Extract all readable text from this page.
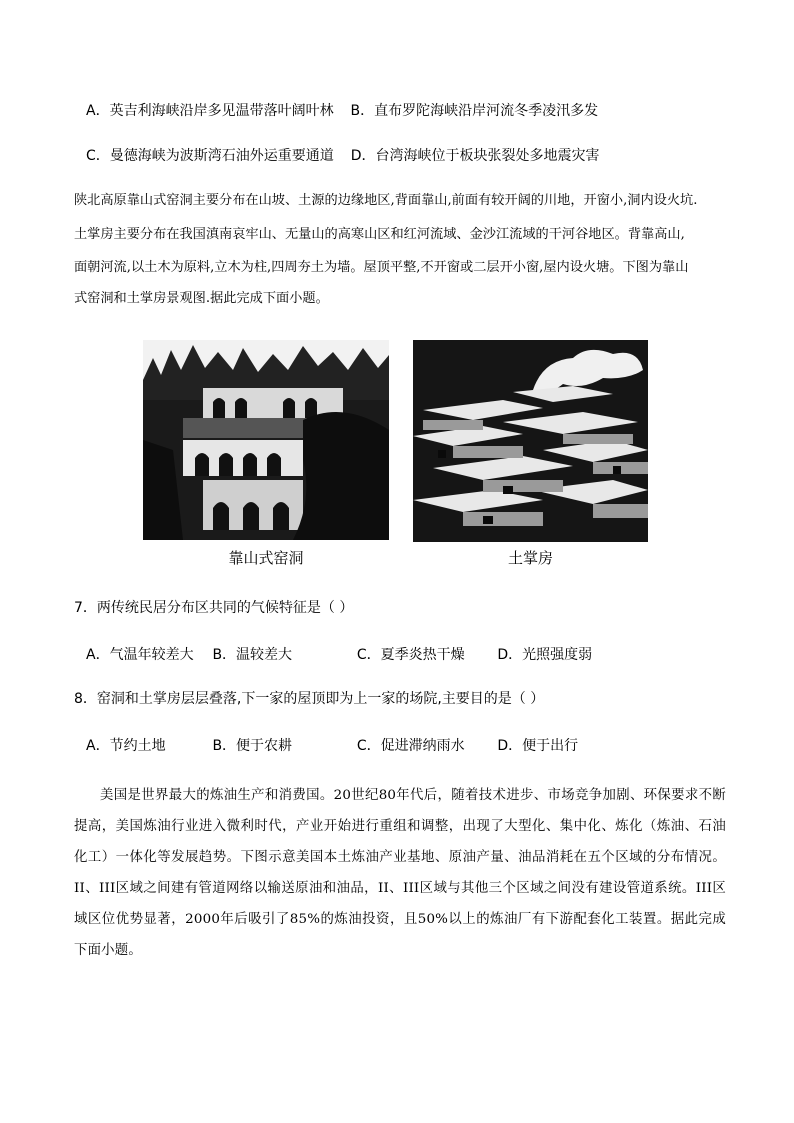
A．英吉利海峡沿岸多见温带落叶阔叶林 B．直布罗陀海峡沿岸河流冬季凌汛多发
C．曼德海峡为波斯湾石油外运重要通道 D．台湾海峡位于板块张裂处多地震灾害
陕北高原靠山式窑洞主要分布在山坡、土源的边缘地区,背面靠山,前面有较开阔的川地，开窗小,洞内设火坑.
土掌房主要分布在我国滇南哀牢山、无量山的高寒山区和红河流域、金沙江流域的干河谷地区。背靠高山,
面朝河流,以土木为原料,立木为柱,四周夯土为墙。屋顶平整,不开窗或二层开小窗,屋内设火塘。下图为靠山
式窑洞和土掌房景观图.据此完成下面小题。
靠山式窑洞	土掌房
7．两传统民居分布区共同的气候特征是（ ）
A．气温年较差大 B．温较差大	C．夏季炎热干燥 D．光照强度弱
8．窑洞和土掌房层层叠落,下一家的屋顶即为上一家的场院,主要目的是（ ）
A．节约土地	B．便于农耕	C．促进滞纳雨水 D．便于出行
美国是世界最大的炼油生产和消费国。20世纪80年代后，随着技术进步、市场竞争加剧、环保要求不断提高，美国炼油行业进入微利时代，产业开始进行重组和调整，出现了大型化、集中化、炼化（炼油、石油化工）一体化等发展趋势。下图示意美国本土炼油产业基地、原油产量、油品消耗在五个区域的分布情况。II、III区域之间建有管道网络以输送原油和油品，II、III区域与其他三个区域之间没有建设管道系统。III区域区位优势显著，2000年后吸引了85%的炼油投资，且50%以上的炼油厂有下游配套化工装置。据此完成下面小题。
